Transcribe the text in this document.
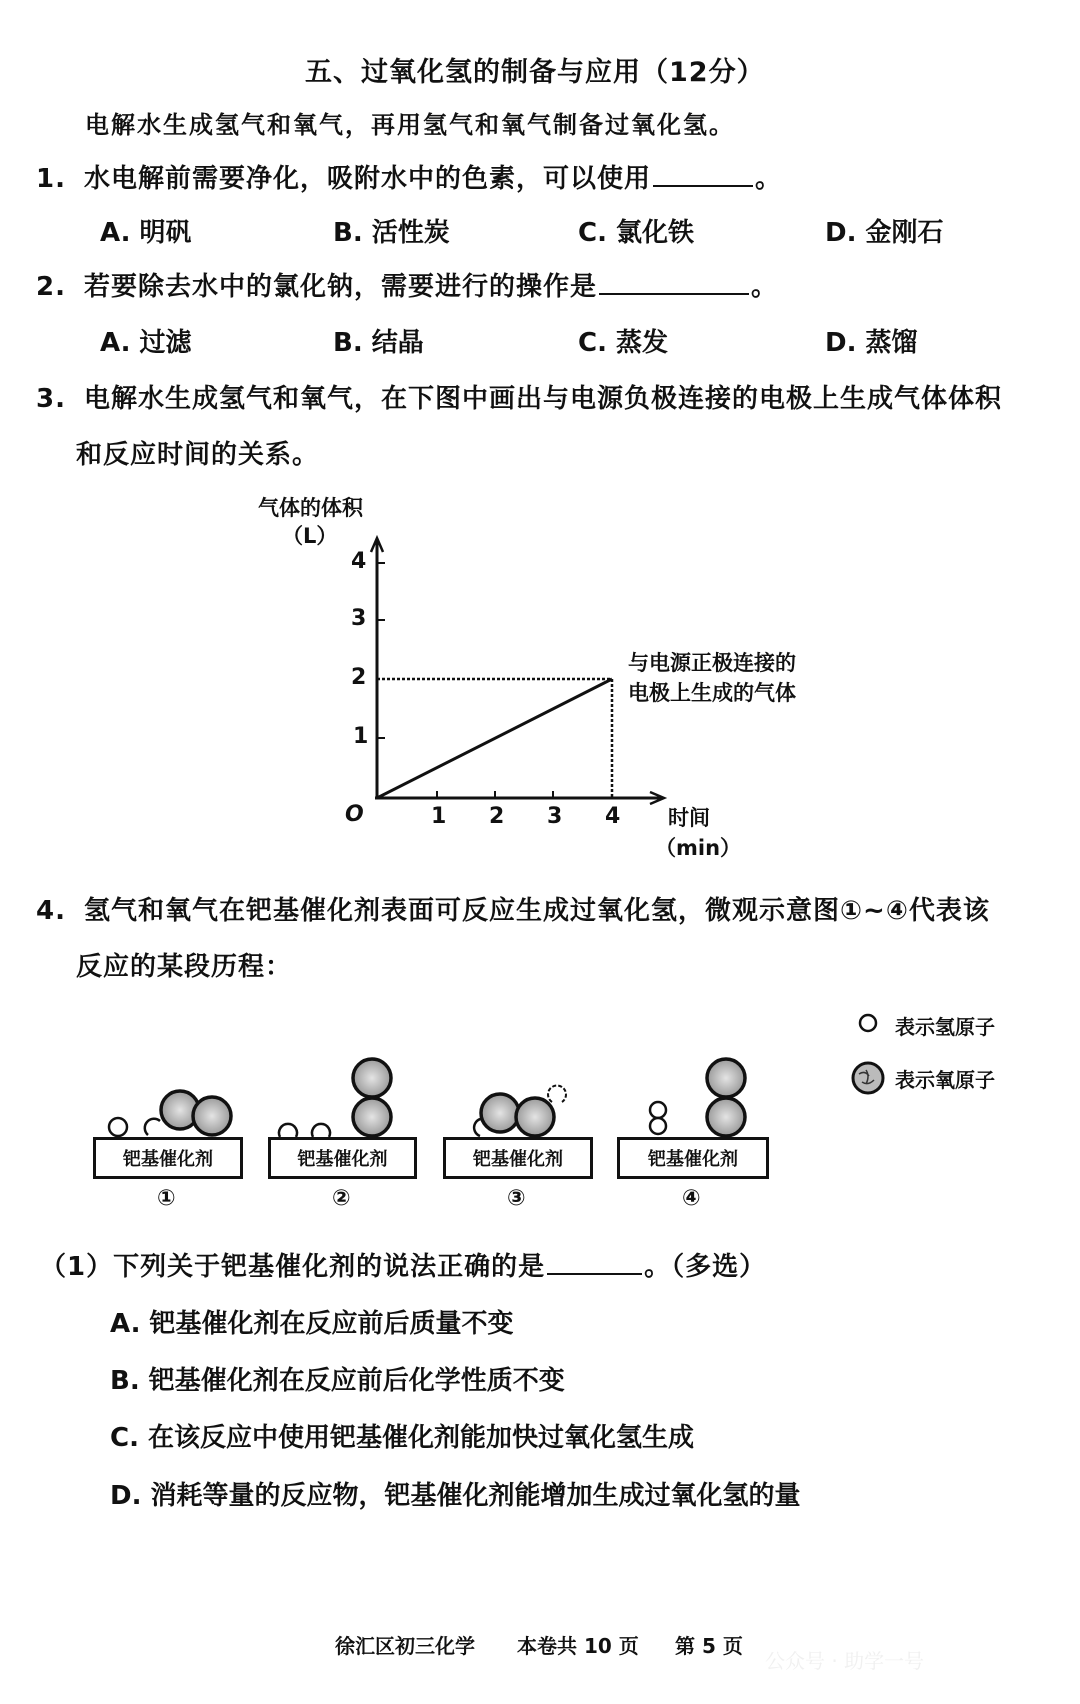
五、过氧化氢的制备与应用（12分）
电解水生成氢气和氧气，再用氢气和氧气制备过氧化氢。
1. 水电解前需要净化，吸附水中的色素，可以使用	。
A. 明矾	B. 活性炭	C. 氯化铁	D. 金刚石
2. 若要除去水中的氯化钠，需要进行的操作是	。
A. 过滤	B. 结晶	C. 蒸发	D. 蒸馏
3. 电解水生成氢气和氧气，在下图中画出与电源负极连接的电极上生成气体体积
和反应时间的关系。
气体的体积
（L）
4
3
2
1
O	1 2 3 4 时间
（min）
与电源正极连接的
电极上生成的气体
4. 氢气和氧气在钯基催化剂表面可反应生成过氧化氢，微观示意图①~④代表该
反应的某段历程：
表示氢原子
表示氧原子
钯基催化剂	钯基催化剂	钯基催化剂	钯基催化剂
①	②	③	④
（1）下列关于钯基催化剂的说法正确的是	。（多选）
A. 钯基催化剂在反应前后质量不变
B. 钯基催化剂在反应前后化学性质不变
C. 在该反应中使用钯基催化剂能加快过氧化氢生成
D. 消耗等量的反应物，钯基催化剂能增加生成过氧化氢的量
徐汇区初三化学 本卷共 10 页 第 5 页
公众号 · 助学一号
